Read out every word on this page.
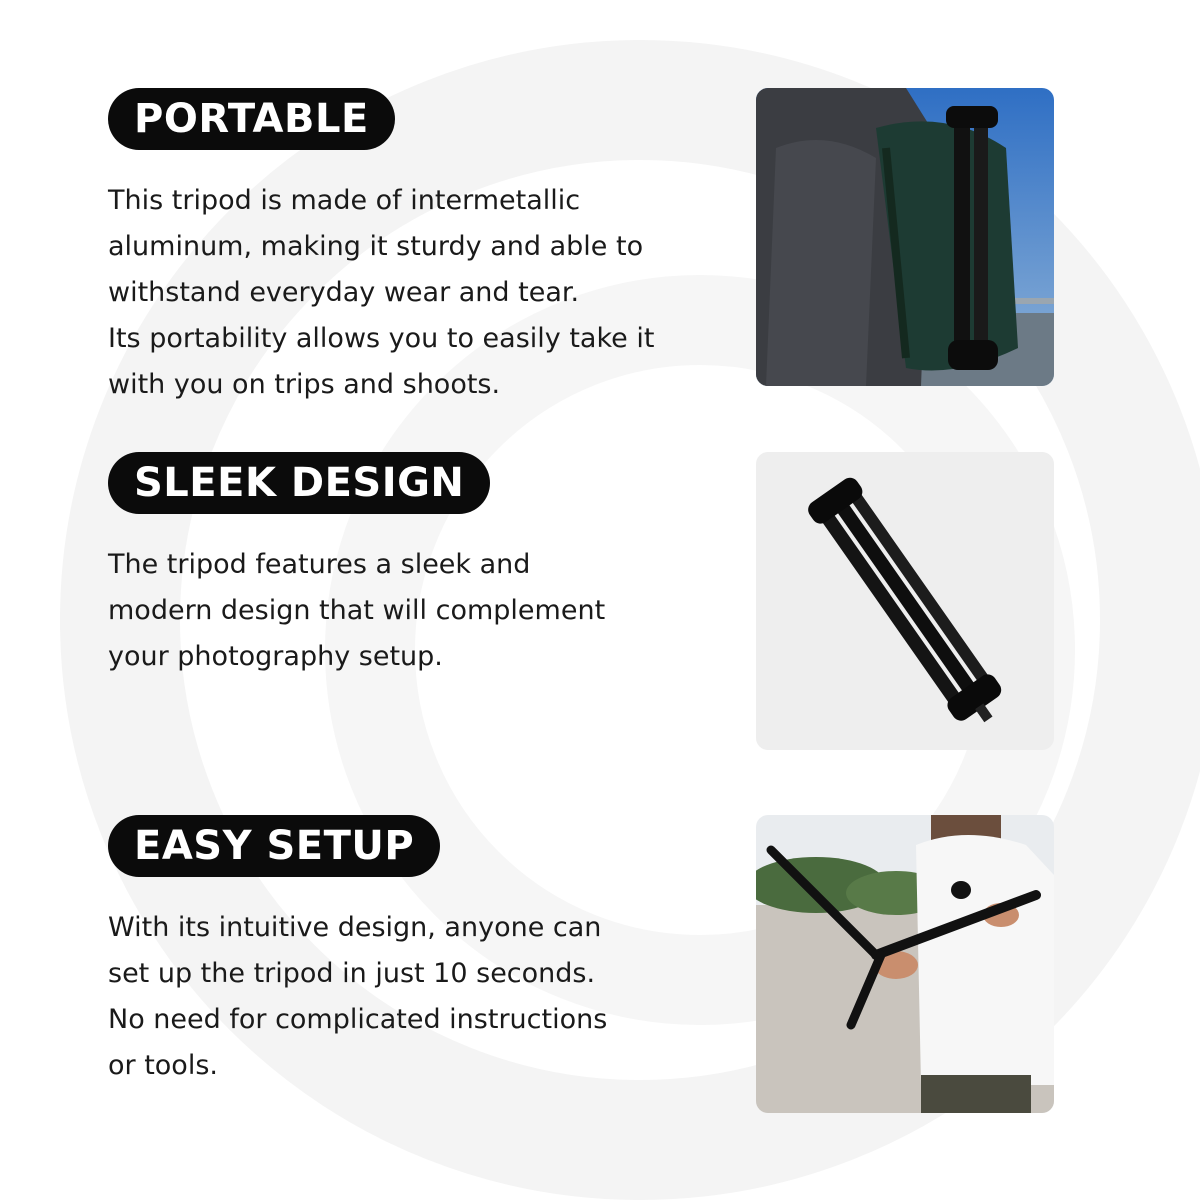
PORTABLE

This tripod is made of intermetallic
aluminum, making it sturdy and able to
withstand everyday wear and tear.
Its portability allows you to easily take it
with you on trips and shoots.

SLEEK DESIGN

The tripod features a sleek and
modern design that will complement
your photography setup.

EASY SETUP

With its intuitive design, anyone can
set up the tripod in just 10 seconds.
No need for complicated instructions
or tools.
